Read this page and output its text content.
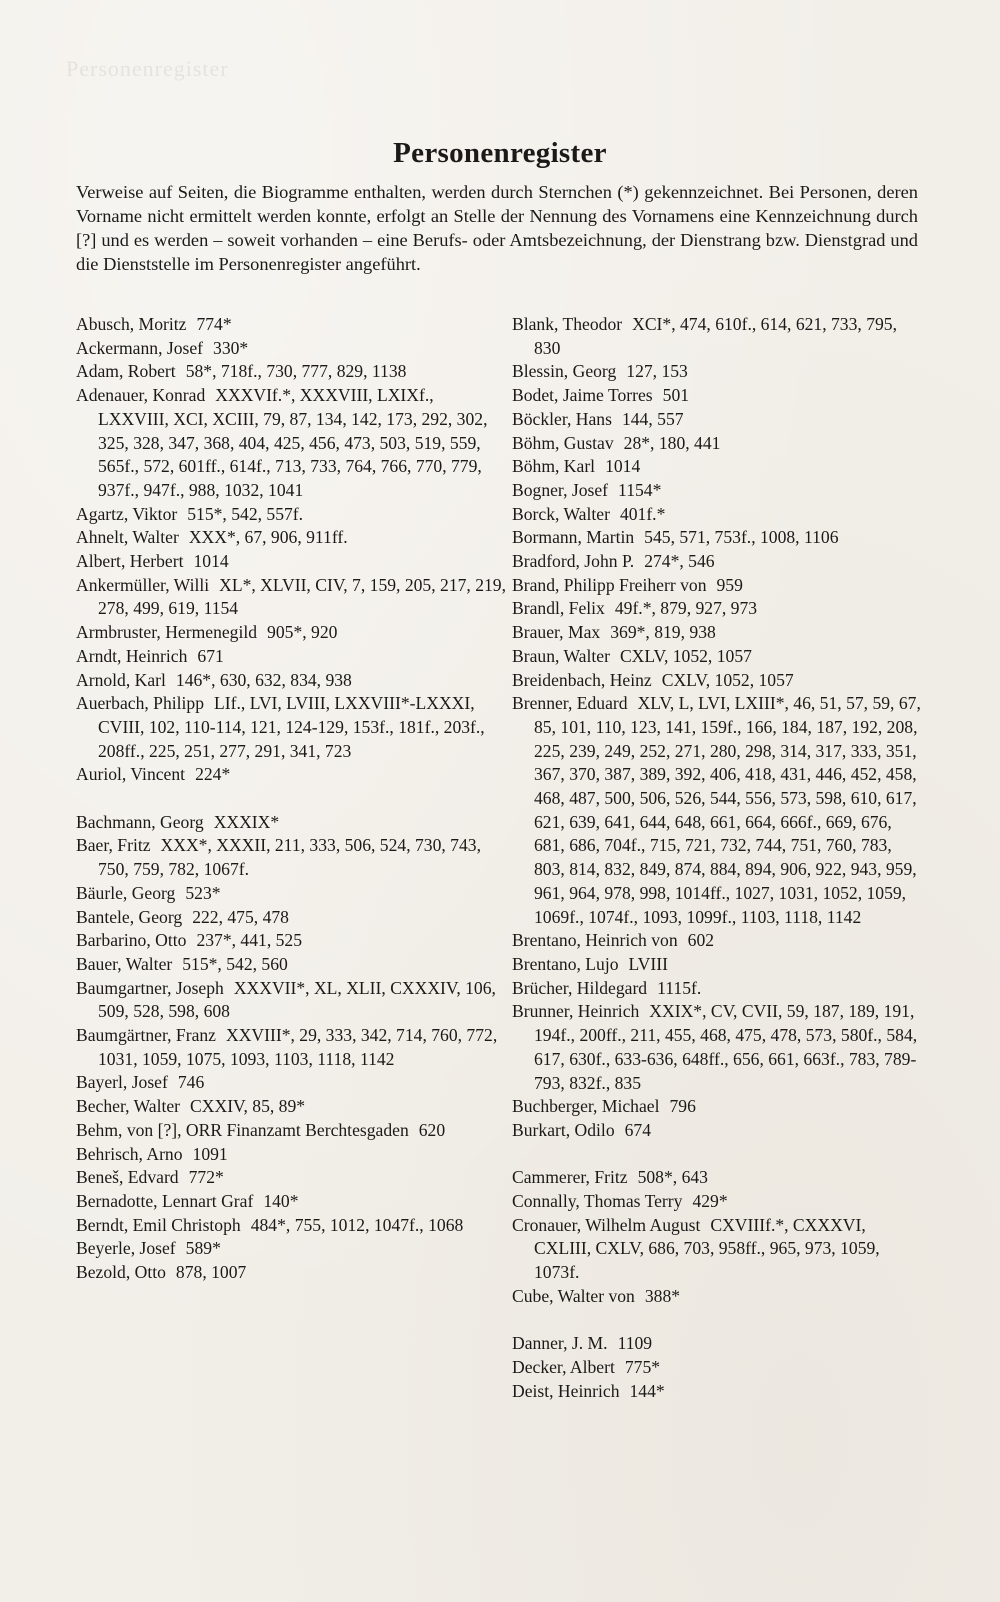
Personenregister
Personenregister

Verweise auf Seiten, die Biogramme enthalten, werden durch Sternchen (*) gekennzeichnet. Bei Personen, deren Vorname nicht ermittelt werden konnte, erfolgt an Stelle der Nennung des Vornamens eine Kennzeichnung durch [?] und es werden – soweit vorhanden – eine Berufs- oder Amtsbezeichnung, der Dienstrang bzw. Dienstgrad und die Dienststelle im Personenregister angeführt.

Abusch, Moritz 774*
Ackermann, Josef 330*
Adam, Robert 58*, 718f., 730, 777, 829, 1138
Adenauer, Konrad XXXVIf.*, XXXVIII, LXIXf., LXXVIII, XCI, XCIII, 79, 87, 134, 142, 173, 292, 302, 325, 328, 347, 368, 404, 425, 456, 473, 503, 519, 559, 565f., 572, 601ff., 614f., 713, 733, 764, 766, 770, 779, 937f., 947f., 988, 1032, 1041
Agartz, Viktor 515*, 542, 557f.
Ahnelt, Walter XXX*, 67, 906, 911ff.
Albert, Herbert 1014
Ankermüller, Willi XL*, XLVII, CIV, 7, 159, 205, 217, 219, 278, 499, 619, 1154
Armbruster, Hermenegild 905*, 920
Arndt, Heinrich 671
Arnold, Karl 146*, 630, 632, 834, 938
Auerbach, Philipp LIf., LVI, LVIII, LXXVIII*-LXXXI, CVIII, 102, 110-114, 121, 124-129, 153f., 181f., 203f., 208ff., 225, 251, 277, 291, 341, 723
Auriol, Vincent 224*
Bachmann, Georg XXXIX*
Baer, Fritz XXX*, XXXII, 211, 333, 506, 524, 730, 743, 750, 759, 782, 1067f.
Bäurle, Georg 523*
Bantele, Georg 222, 475, 478
Barbarino, Otto 237*, 441, 525
Bauer, Walter 515*, 542, 560
Baumgartner, Joseph XXXVII*, XL, XLII, CXXXIV, 106, 509, 528, 598, 608
Baumgärtner, Franz XXVIII*, 29, 333, 342, 714, 760, 772, 1031, 1059, 1075, 1093, 1103, 1118, 1142
Bayerl, Josef 746
Becher, Walter CXXIV, 85, 89*
Behm, von [?], ORR Finanzamt Berchtesgaden 620
Behrisch, Arno 1091
Beneš, Edvard 772*
Bernadotte, Lennart Graf 140*
Berndt, Emil Christoph 484*, 755, 1012, 1047f., 1068
Beyerle, Josef 589*
Bezold, Otto 878, 1007
Blank, Theodor XCI*, 474, 610f., 614, 621, 733, 795, 830
Blessin, Georg 127, 153
Bodet, Jaime Torres 501
Böckler, Hans 144, 557
Böhm, Gustav 28*, 180, 441
Böhm, Karl 1014
Bogner, Josef 1154*
Borck, Walter 401f.*
Bormann, Martin 545, 571, 753f., 1008, 1106
Bradford, John P. 274*, 546
Brand, Philipp Freiherr von 959
Brandl, Felix 49f.*, 879, 927, 973
Brauer, Max 369*, 819, 938
Braun, Walter CXLV, 1052, 1057
Breidenbach, Heinz CXLV, 1052, 1057
Brenner, Eduard XLV, L, LVI, LXIII*, 46, 51, 57, 59, 67, 85, 101, 110, 123, 141, 159f., 166, 184, 187, 192, 208, 225, 239, 249, 252, 271, 280, 298, 314, 317, 333, 351, 367, 370, 387, 389, 392, 406, 418, 431, 446, 452, 458, 468, 487, 500, 506, 526, 544, 556, 573, 598, 610, 617, 621, 639, 641, 644, 648, 661, 664, 666f., 669, 676, 681, 686, 704f., 715, 721, 732, 744, 751, 760, 783, 803, 814, 832, 849, 874, 884, 894, 906, 922, 943, 959, 961, 964, 978, 998, 1014ff., 1027, 1031, 1052, 1059, 1069f., 1074f., 1093, 1099f., 1103, 1118, 1142
Brentano, Heinrich von 602
Brentano, Lujo LVIII
Brücher, Hildegard 1115f.
Brunner, Heinrich XXIX*, CV, CVII, 59, 187, 189, 191, 194f., 200ff., 211, 455, 468, 475, 478, 573, 580f., 584, 617, 630f., 633-636, 648ff., 656, 661, 663f., 783, 789-793, 832f., 835
Buchberger, Michael 796
Burkart, Odilo 674
Cammerer, Fritz 508*, 643
Connally, Thomas Terry 429*
Cronauer, Wilhelm August CXVIIIf.*, CXXXVI, CXLIII, CXLV, 686, 703, 958ff., 965, 973, 1059, 1073f.
Cube, Walter von 388*
Danner, J. M. 1109
Decker, Albert 775*
Deist, Heinrich 144*
